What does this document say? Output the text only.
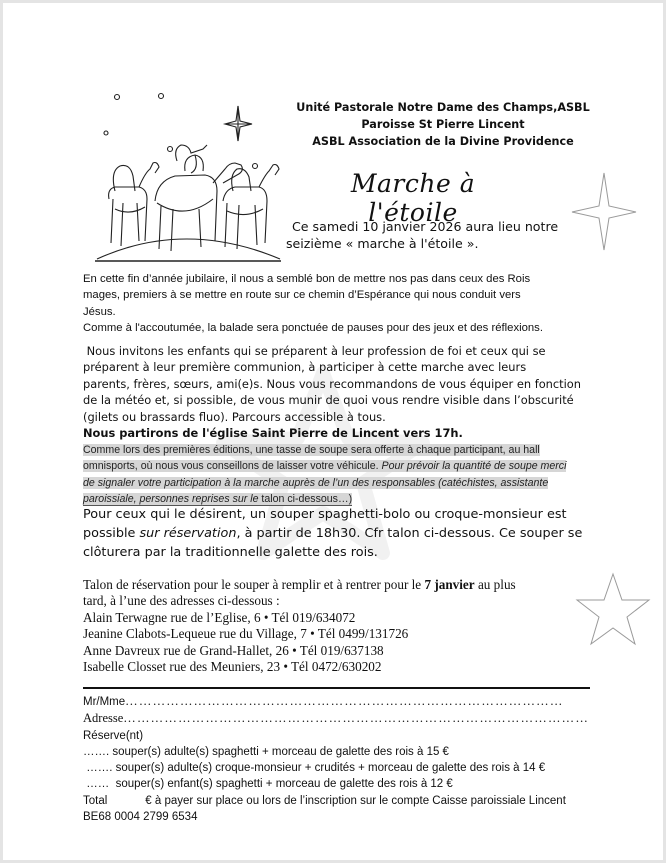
Unité Pastorale Notre Dame des Champs,ASBL
Paroisse St Pierre Lincent
ASBL Association de la Divine Providence
Marche à l'étoile
Ce samedi 10 janvier 2026 aura lieu notre
seizième « marche à l'étoile ».
En cette fin d’année jubilaire, il nous a semblé bon de mettre nos pas dans ceux des Rois
mages, premiers à se mettre en route sur ce chemin d’Espérance qui nous conduit vers
Jésus.
Comme à l'accoutumée, la balade sera ponctuée de pauses pour des jeux et des réflexions.
Nous invitons les enfants qui se préparent à leur profession de foi et ceux qui se
préparent à leur première communion, à participer à cette marche avec leurs
parents, frères, sœurs, ami(e)s. Nous vous recommandons de vous équiper en fonction
de la météo et, si possible, de vous munir de quoi vous rendre visible dans l’obscurité
(gilets ou brassards fluo). Parcours accessible à tous.
Nous partirons de l'église Saint Pierre de Lincent vers 17h.
Comme lors des premières éditions, une tasse de soupe sera offerte à chaque participant, au hall
omnisports, où nous vous conseillons de laisser votre véhicule. Pour prévoir la quantité de soupe merci
de signaler votre participation à la marche auprès de l’un des responsables (catéchistes, assistante
paroissiale, personnes reprises sur le talon ci-dessous…)
Pour ceux qui le désirent, un souper spaghetti-bolo ou croque-monsieur est
possible sur réservation, à partir de 18h30. Cfr talon ci-dessous. Ce souper se
clôturera par la traditionnelle galette des rois.
Talon de réservation pour le souper à remplir et à rentrer pour le 7 janvier au plus
tard, à l’une des adresses ci-dessous :
Alain Terwagne rue de l’Eglise, 6 • Tél 019/634072
Jeanine Clabots-Lequeue rue du Village, 7 • Tél 0499/131726
Anne Davreux rue de Grand-Hallet, 26 • Tél 019/637138
Isabelle Closset rue des Meuniers, 23 • Tél 0472/630202
Mr/Mme……………………………………………………………………………………
Adresse…………………………………………………………………………………………
Réserve(nt)
……. souper(s) adulte(s) spaghetti + morceau de galette des rois à 15 €
……. souper(s) adulte(s) croque-monsieur + crudités + morceau de galette des rois à 14 €
……  souper(s) enfant(s) spaghetti + morceau de galette des rois à 12 €
Total	€ à payer sur place ou lors de l’inscription sur le compte Caisse paroissiale Lincent
BE68 0004 2799 6534
